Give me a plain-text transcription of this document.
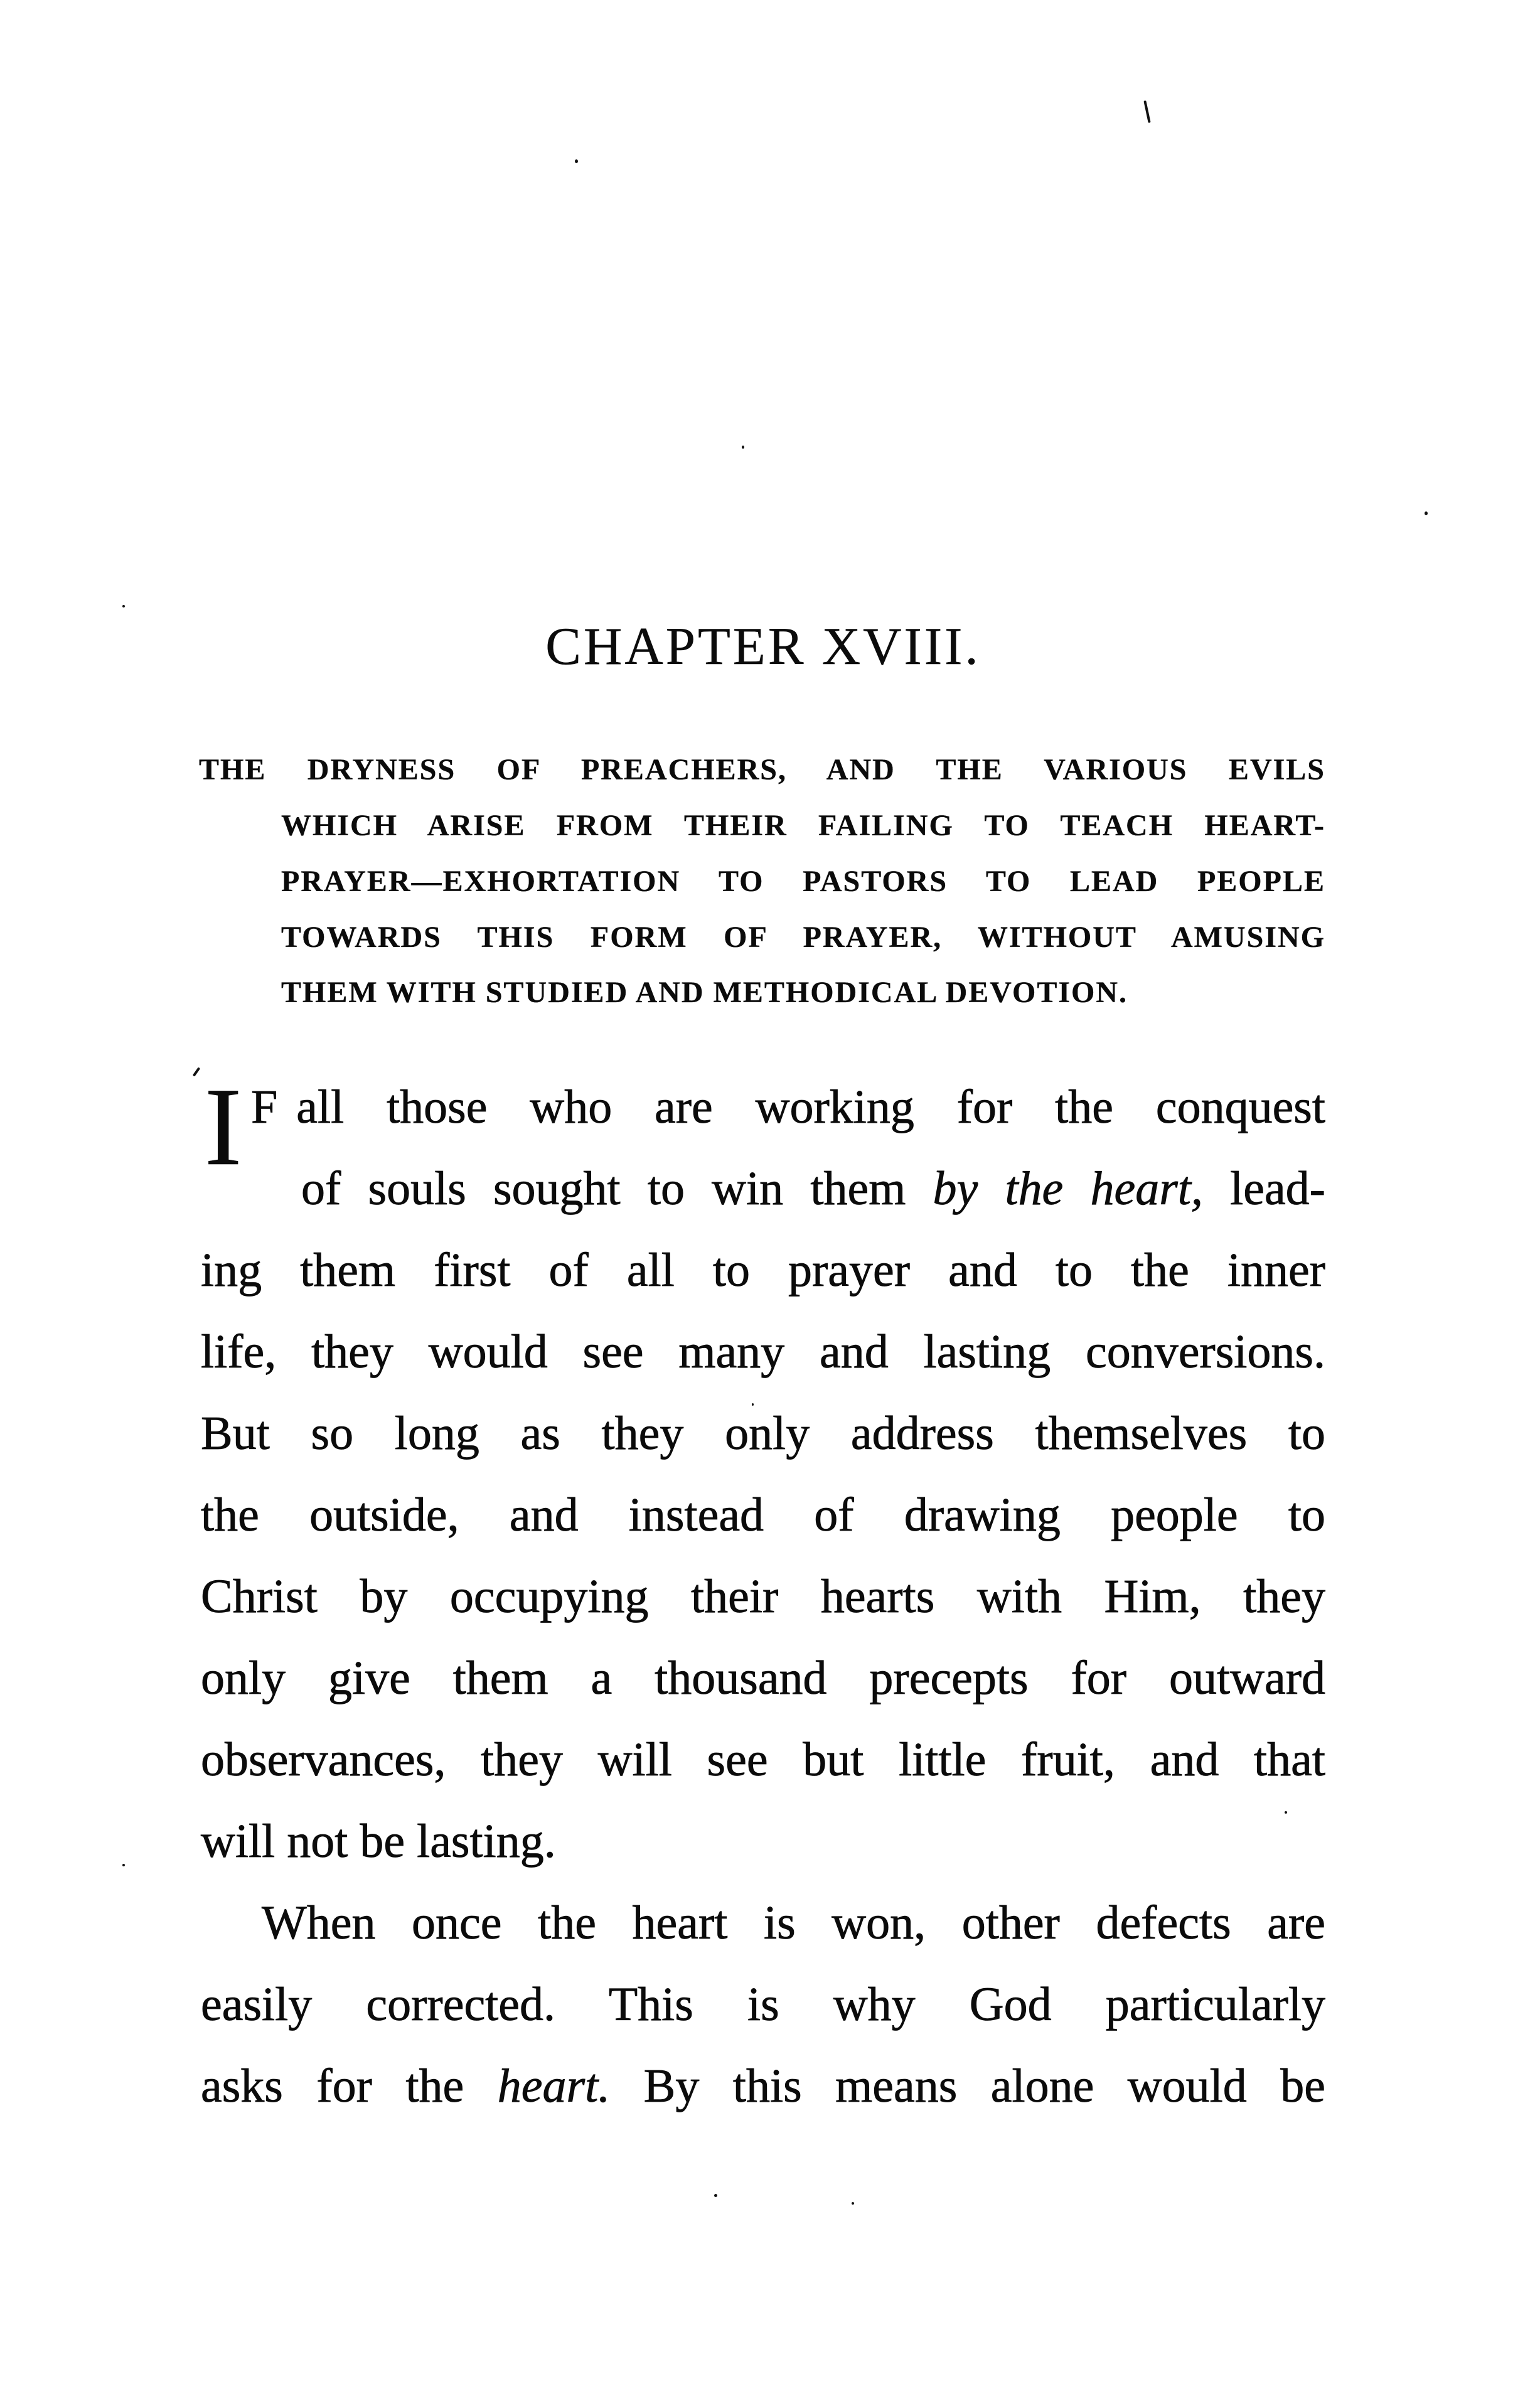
CHAPTER XVIII.
THE DRYNESS OF PREACHERS, AND THE VARIOUS EVILS
WHICH ARISE FROM THEIR FAILING TO TEACH HEART-
PRAYER—EXHORTATION TO PASTORS TO LEAD PEOPLE
TOWARDS THIS FORM OF PRAYER, WITHOUT AMUSING
THEM WITH STUDIED AND METHODICAL DEVOTION.
I F all those who are working for the conquest
of souls sought to win them by the heart, lead-
ing them first of all to prayer and to the inner
life, they would see many and lasting conversions.
But so long as they only address themselves to
the outside, and instead of drawing people to
Christ by occupying their hearts with Him, they
only give them a thousand precepts for outward
observances, they will see but little fruit, and that
will not be lasting.
When once the heart is won, other defects are
easily corrected. This is why God particularly
asks for the heart. By this means alone would be
